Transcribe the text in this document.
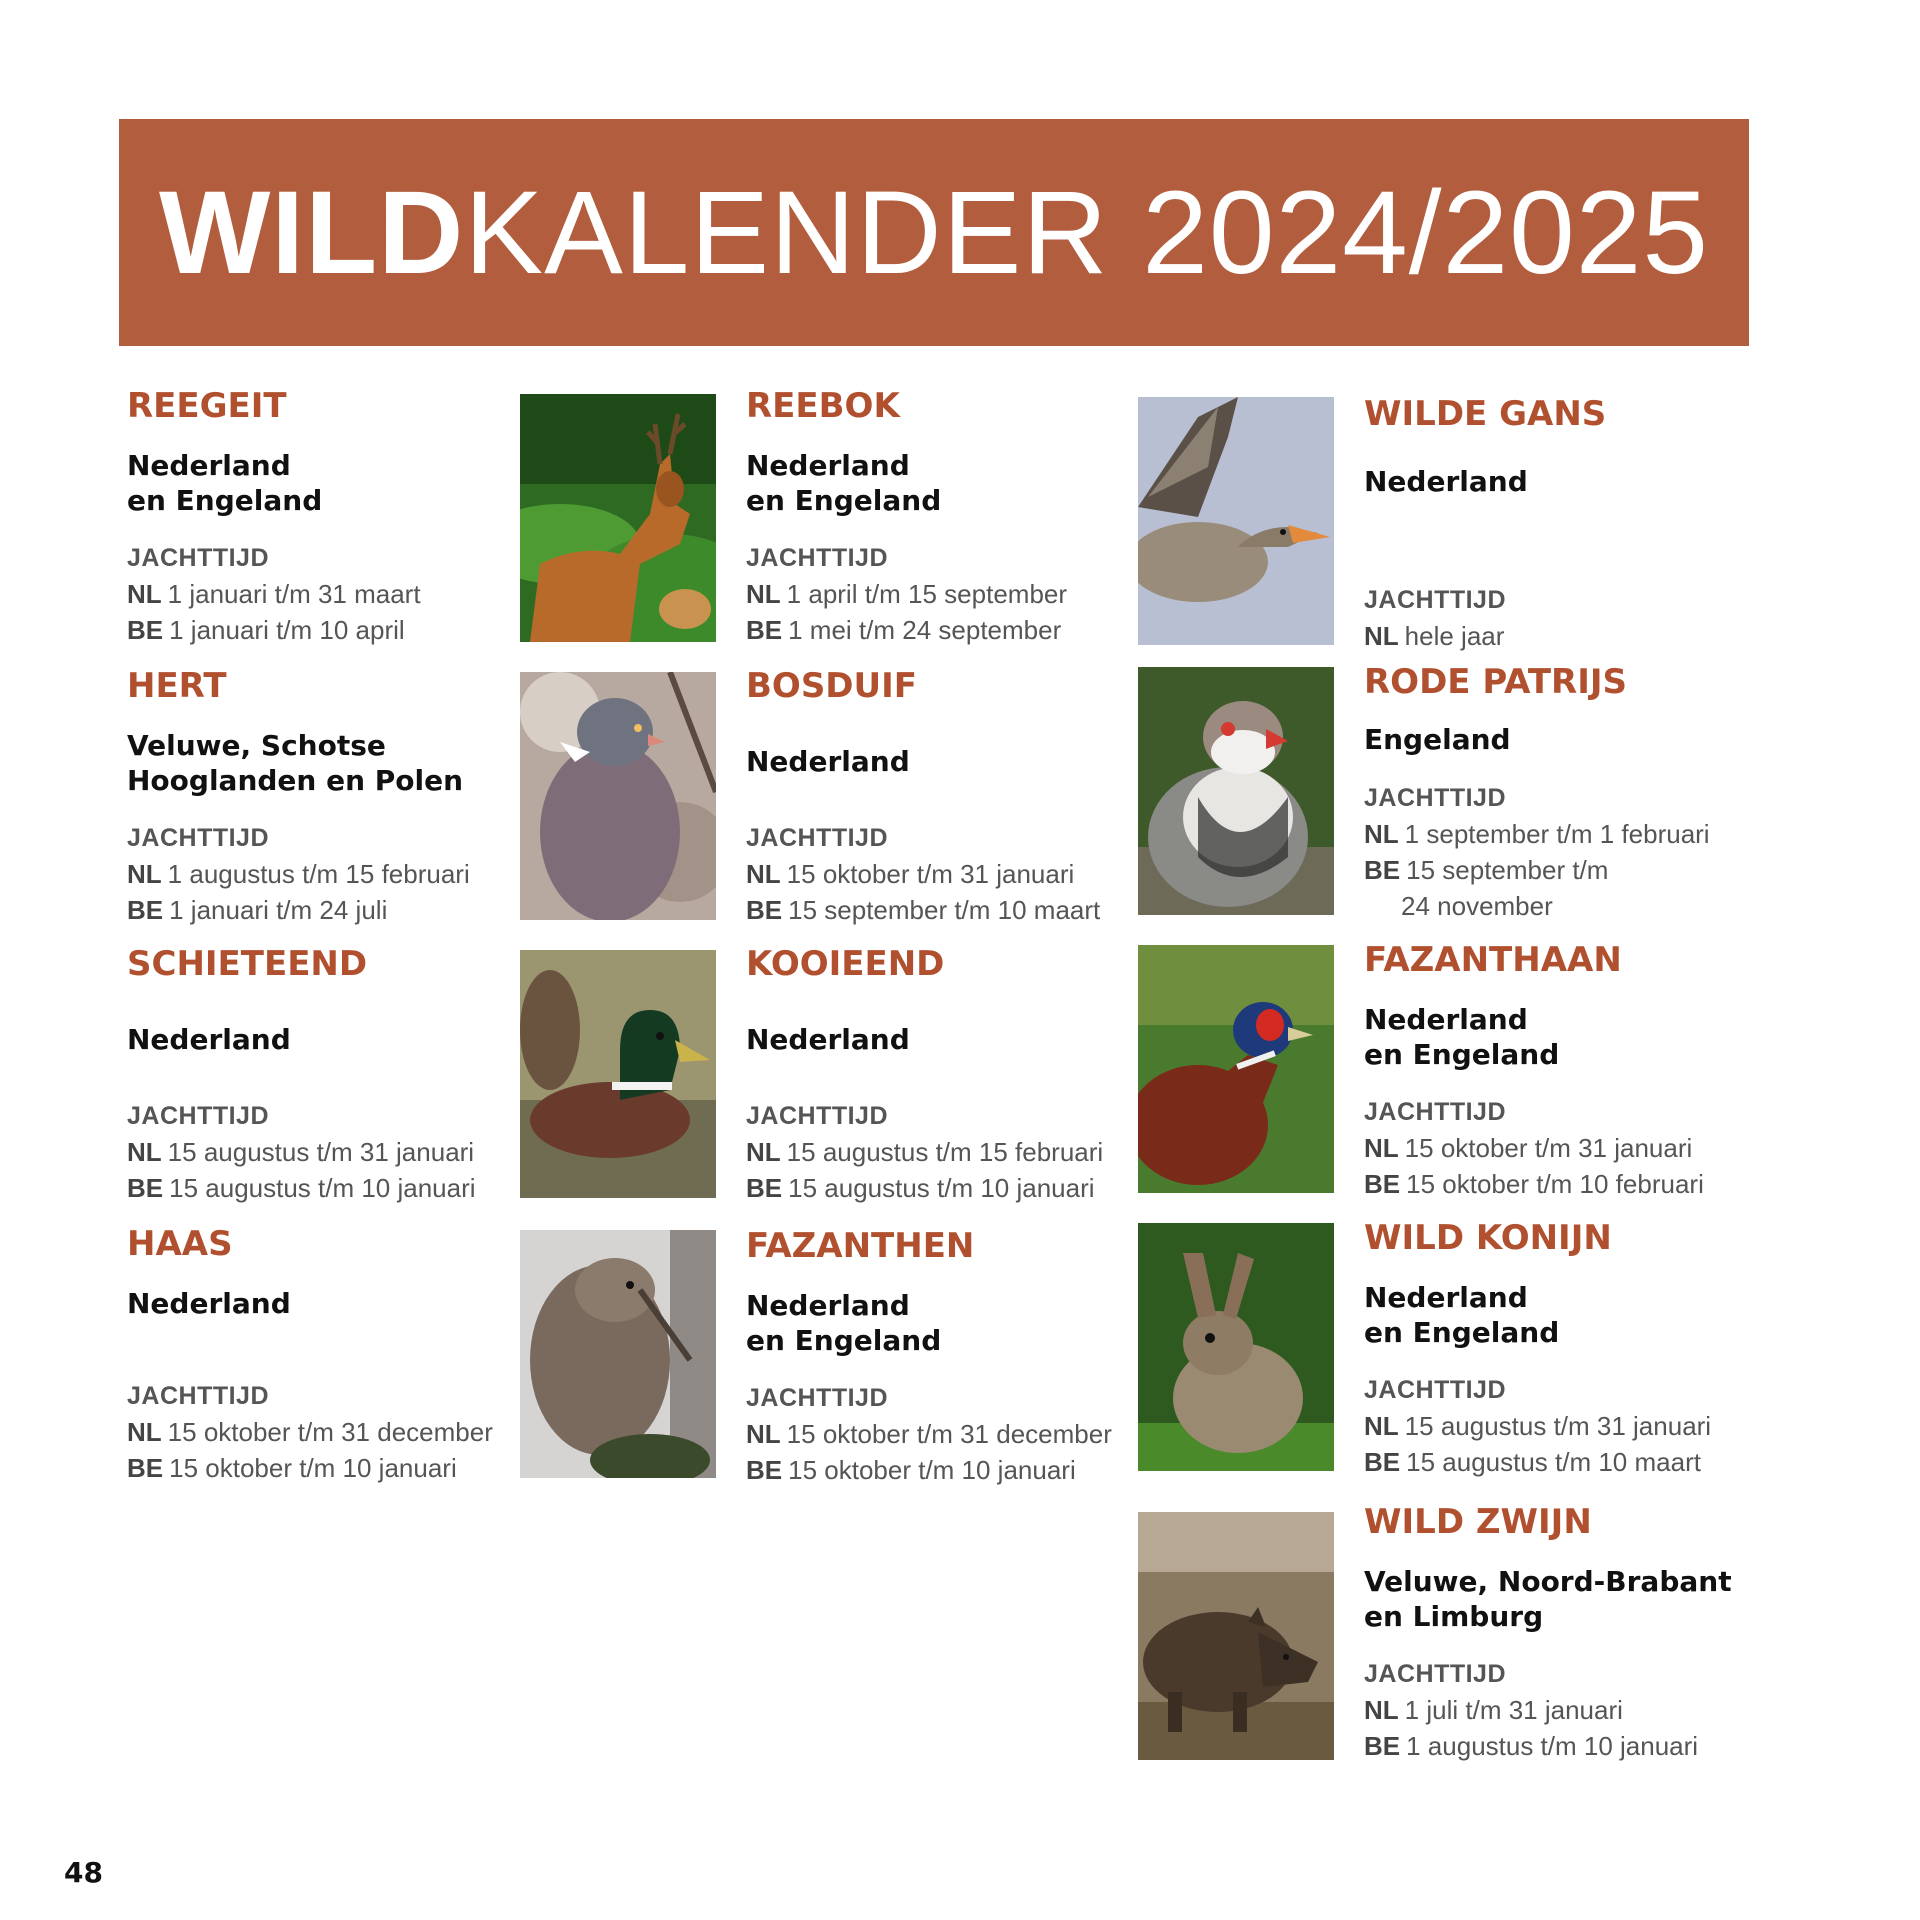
WILDKALENDER 2024/2025
REEGEIT
Nederland
en Engeland
JACHTTIJD
NL 1 januari t/m 31 maart
BE 1 januari t/m 10 april
HERT
Veluwe, Schotse
Hooglanden en Polen
JACHTTIJD
NL 1 augustus t/m 15 februari
BE 1 januari t/m 24 juli
SCHIETEEND
Nederland
JACHTTIJD
NL 15 augustus t/m 31 januari
BE 15 augustus t/m 10 januari
HAAS
Nederland
JACHTTIJD
NL 15 oktober t/m 31 december
BE 15 oktober t/m 10 januari
REEBOK
Nederland
en Engeland
JACHTTIJD
NL 1 april t/m 15 september
BE 1 mei t/m 24 september
BOSDUIF
Nederland
JACHTTIJD
NL 15 oktober t/m 31 januari
BE 15 september t/m 10 maart
KOOIEEND
Nederland
JACHTTIJD
NL 15 augustus t/m 15 februari
BE 15 augustus t/m 10 januari
FAZANTHEN
Nederland
en Engeland
JACHTTIJD
NL 15 oktober t/m 31 december
BE 15 oktober t/m 10 januari
WILDE GANS
Nederland
JACHTTIJD
NL hele jaar
RODE PATRIJS
Engeland
JACHTTIJD
NL 1 september t/m 1 februari
BE 15 september t/m
24 november
FAZANTHAAN
Nederland
en Engeland
JACHTTIJD
NL 15 oktober t/m 31 januari
BE 15 oktober t/m 10 februari
WILD KONIJN
Nederland
en Engeland
JACHTTIJD
NL 15 augustus t/m 31 januari
BE 15 augustus t/m 10 maart
WILD ZWIJN
Veluwe, Noord-Brabant
en Limburg
JACHTTIJD
NL 1 juli t/m 31 januari
BE 1 augustus t/m 10 januari
48
